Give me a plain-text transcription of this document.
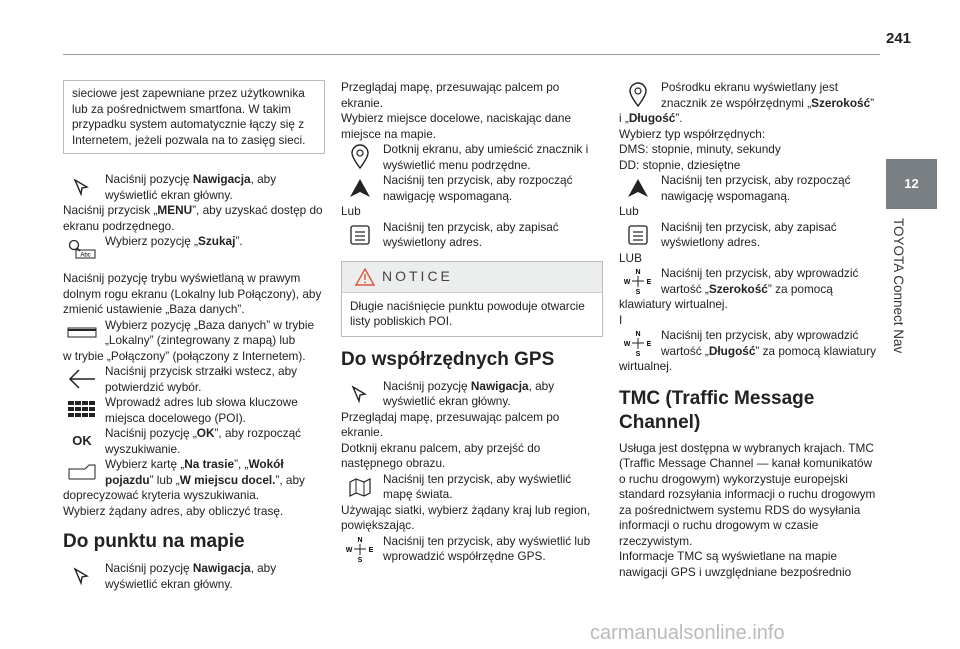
241
12
TOYOTA Connect Nav
sieciowe jest zapewniane przez użytkownika lub za pośrednictwem smartfona. W takim przypadku system automatycznie łączy się z Internetem, jeżeli pozwala na to zasięg sieci.
Naciśnij pozycję Nawigacja, aby wyświetlić ekran główny.

Naciśnij przycisk „MENU”, aby uzyskać dostęp do ekranu podrzędnego.

Abc
Wybierz pozycję „Szukaj”.

Naciśnij pozycję trybu wyświetlaną w prawym dolnym rogu ekranu (Lokalny lub Połączony), aby zmienić ustawienie „Baza danych”.

Wybierz pozycję „Baza danych” w trybie „Lokalny” (zintegrowany z mapą) lub

w trybie „Połączony” (połączony z Internetem).

Naciśnij przycisk strzałki wstecz, aby potwierdzić wybór.
Wprowadź adres lub słowa kluczowe miejsca docelowego (POI).
OK
Naciśnij pozycję „OK”, aby rozpocząć wyszukiwanie.
Wybierz kartę „Na trasie”, „Wokół pojazdu” lub „W miejscu docel.”, aby

doprecyzować kryteria wyszukiwania.

Wybierz żądany adres, aby obliczyć trasę.

Do punktu na mapie
Naciśnij pozycję Nawigacja, aby wyświetlić ekran główny.

Przeglądaj mapę, przesuwając palcem po ekranie.

Wybierz miejsce docelowe, naciskając dane miejsce na mapie.

Dotknij ekranu, aby umieścić znacznik i wyświetlić menu podrzędne.
Naciśnij ten przycisk, aby rozpocząć nawigację wspomaganą.

Lub

Naciśnij ten przycisk, aby zapisać wyświetlony adres.
NOTICE
Długie naciśnięcie punktu powoduje otwarcie listy pobliskich POI.
Do współrzędnych GPS
Naciśnij pozycję Nawigacja, aby wyświetlić ekran główny.

Przeglądaj mapę, przesuwając palcem po ekranie.

Dotknij ekranu palcem, aby przejść do następnego obrazu.

Naciśnij ten przycisk, aby wyświetlić mapę świata.

Używając siatki, wybierz żądany kraj lub region, powiększając.

N
S
W E
Naciśnij ten przycisk, aby wyświetlić lub wprowadzić współrzędne GPS.
Pośrodku ekranu wyświetlany jest znacznik ze współrzędnymi „Szerokość”

i „Długość”.

Wybierz typ współrzędnych:

DMS: stopnie, minuty, sekundy

DD: stopnie, dziesiętne

Naciśnij ten przycisk, aby rozpocząć nawigację wspomaganą.

Lub

Naciśnij ten przycisk, aby zapisać wyświetlony adres.

LUB

N
S
W E
Naciśnij ten przycisk, aby wprowadzić wartość „Szerokość” za pomocą

klawiatury wirtualnej.

I

N
S
W E
Naciśnij ten przycisk, aby wprowadzić wartość „Długość” za pomocą klawiatury

wirtualnej.

TMC (Traffic Message Channel)

Usługa jest dostępna w wybranych krajach. TMC (Traffic Message Channel — kanał komunikatów o ruchu drogowym) wykorzystuje europejski standard rozsyłania informacji o ruchu drogowym za pośrednictwem systemu RDS do wysyłania informacji o ruchu drogowym w czasie rzeczywistym.

Informacje TMC są wyświetlane na mapie nawigacji GPS i uwzględniane bezpośrednio

carmanualsonline.info
